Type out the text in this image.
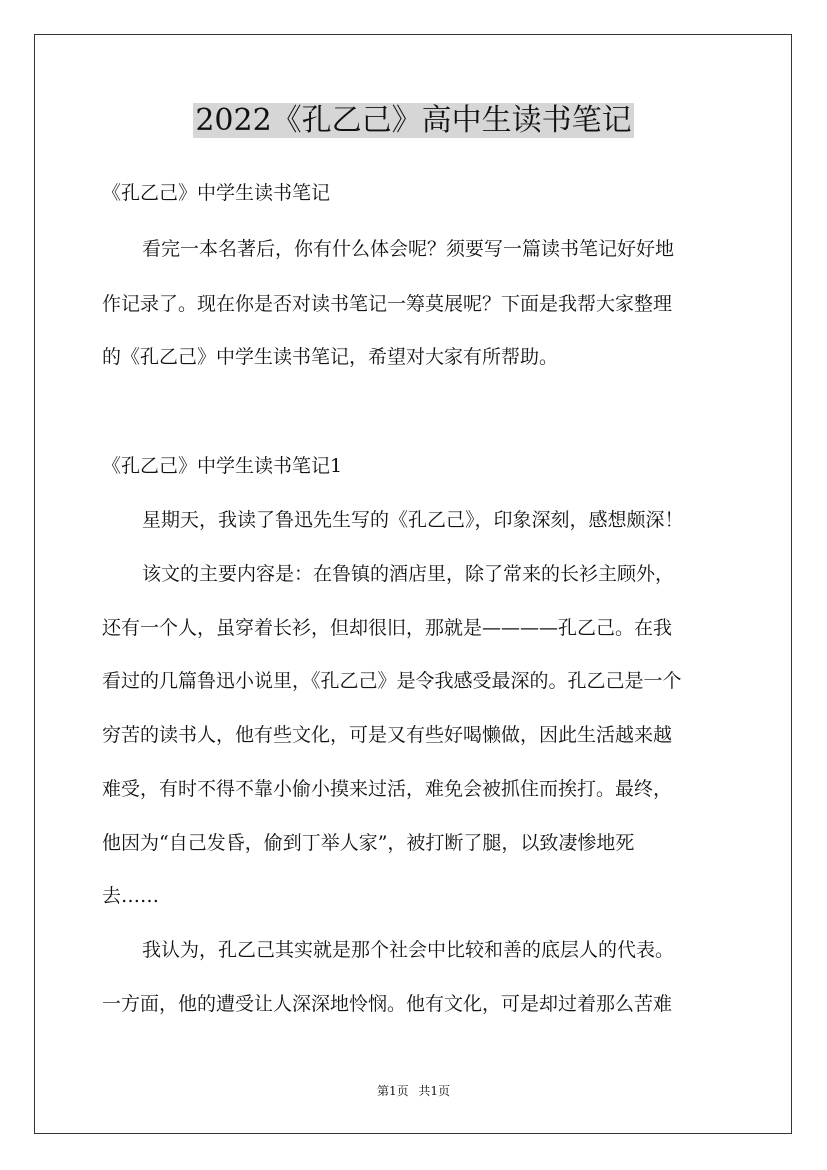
2022《孔乙己》高中生读书笔记
《孔乙己》中学生读书笔记
看完一本名著后，你有什么体会呢？须要写一篇读书笔记好好地
作记录了。现在你是否对读书笔记一筹莫展呢？下面是我帮大家整理
的《孔乙己》中学生读书笔记，希望对大家有所帮助。
《孔乙己》中学生读书笔记1
星期天，我读了鲁迅先生写的《孔乙己》，印象深刻，感想颇深！
该文的主要内容是：在鲁镇的酒店里，除了常来的长衫主顾外，
还有一个人，虽穿着长衫，但却很旧，那就是————孔乙己。在我
看过的几篇鲁迅小说里，《孔乙己》是令我感受最深的。孔乙己是一个
穷苦的读书人，他有些文化，可是又有些好喝懒做，因此生活越来越
难受，有时不得不靠小偷小摸来过活，难免会被抓住而挨打。最终，
他因为“自己发昏，偷到丁举人家”，被打断了腿，以致凄惨地死
去……
我认为，孔乙己其实就是那个社会中比较和善的底层人的代表。
一方面，他的遭受让人深深地怜悯。他有文化，可是却过着那么苦难
第1页 共1页
